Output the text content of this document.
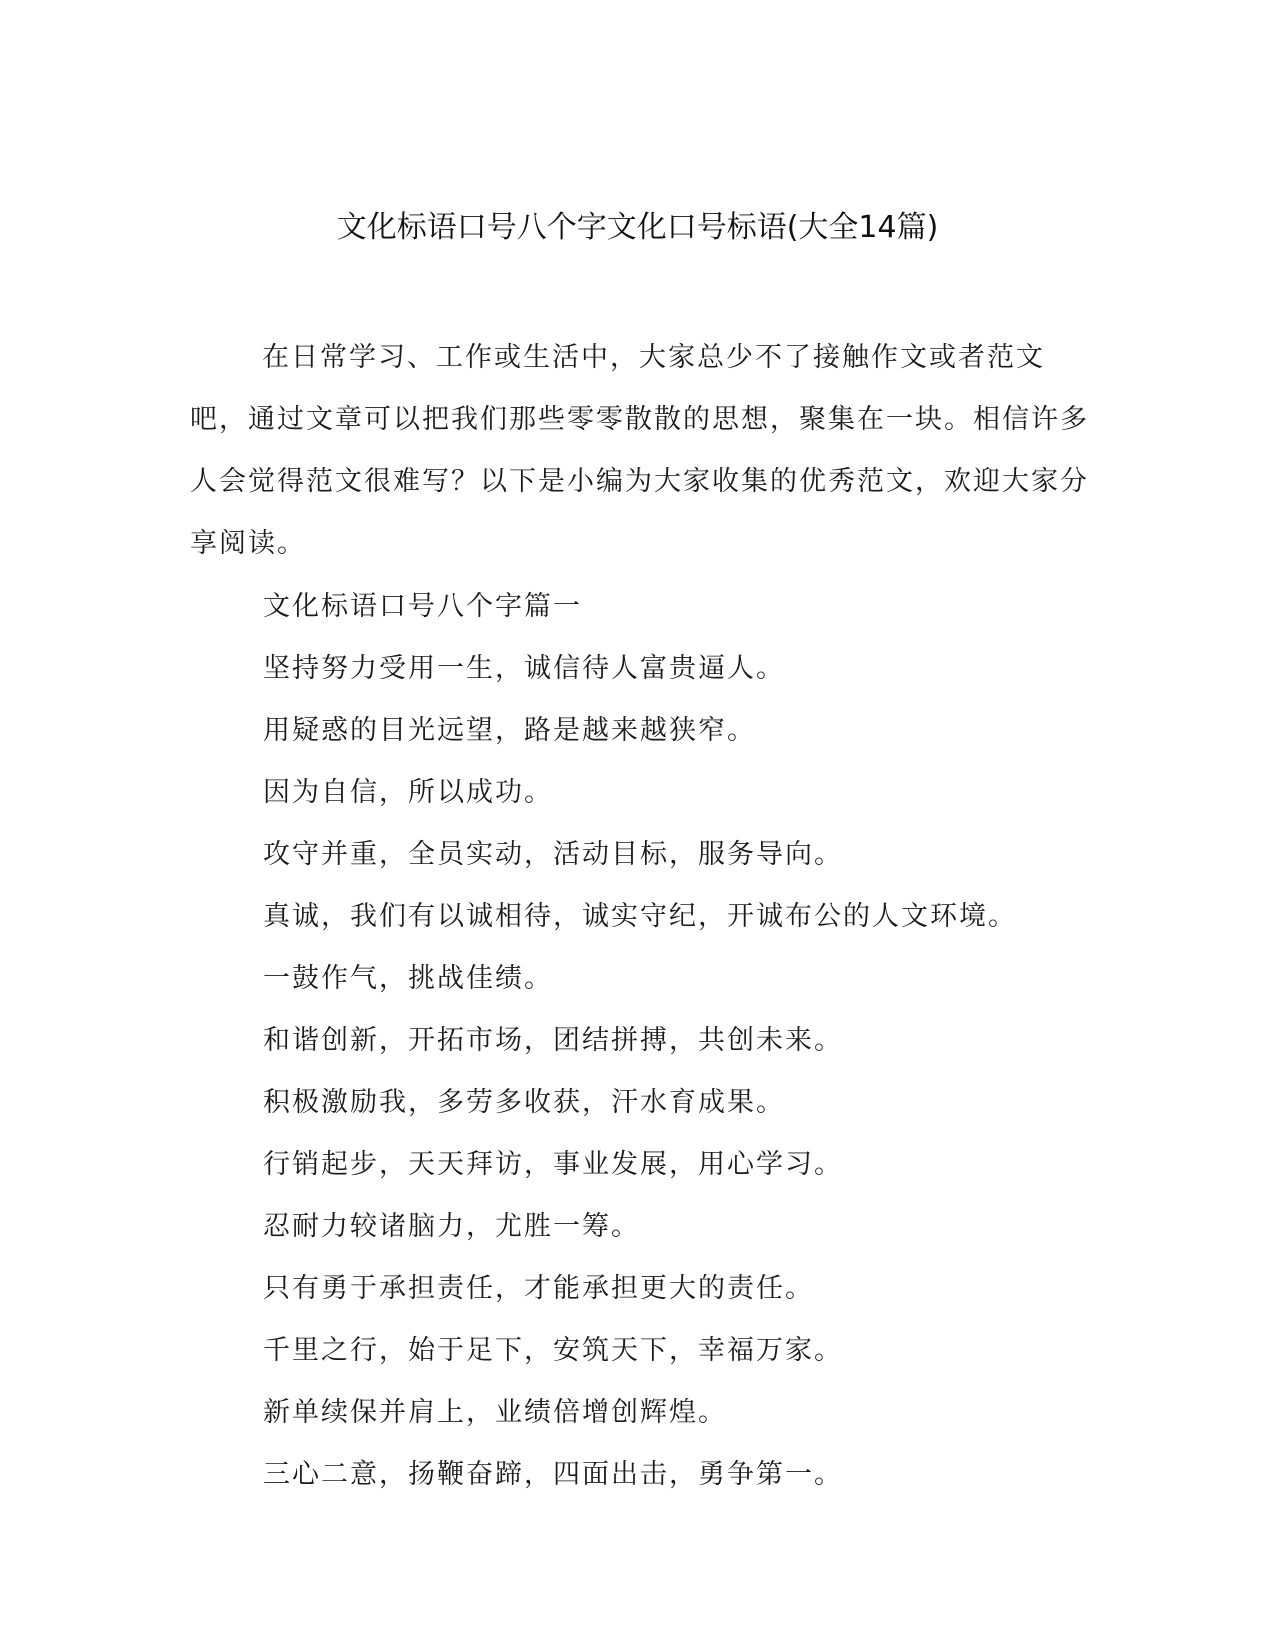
文化标语口号八个字文化口号标语(大全14篇)

在日常学习、工作或生活中，大家总少不了接触作文或者范文吧，通过文章可以把我们那些零零散散的思想，聚集在一块。相信许多人会觉得范文很难写？以下是小编为大家收集的优秀范文，欢迎大家分享阅读。

文化标语口号八个字篇一
坚持努力受用一生，诚信待人富贵逼人。
用疑惑的目光远望，路是越来越狭窄。
因为自信，所以成功。
攻守并重，全员实动，活动目标，服务导向。
真诚，我们有以诚相待，诚实守纪，开诚布公的人文环境。
一鼓作气，挑战佳绩。
和谐创新，开拓市场，团结拼搏，共创未来。
积极激励我，多劳多收获，汗水育成果。
行销起步，天天拜访，事业发展，用心学习。
忍耐力较诸脑力，尤胜一筹。
只有勇于承担责任，才能承担更大的责任。
千里之行，始于足下，安筑天下，幸福万家。
新单续保并肩上，业绩倍增创辉煌。
三心二意，扬鞭奋蹄，四面出击，勇争第一。
